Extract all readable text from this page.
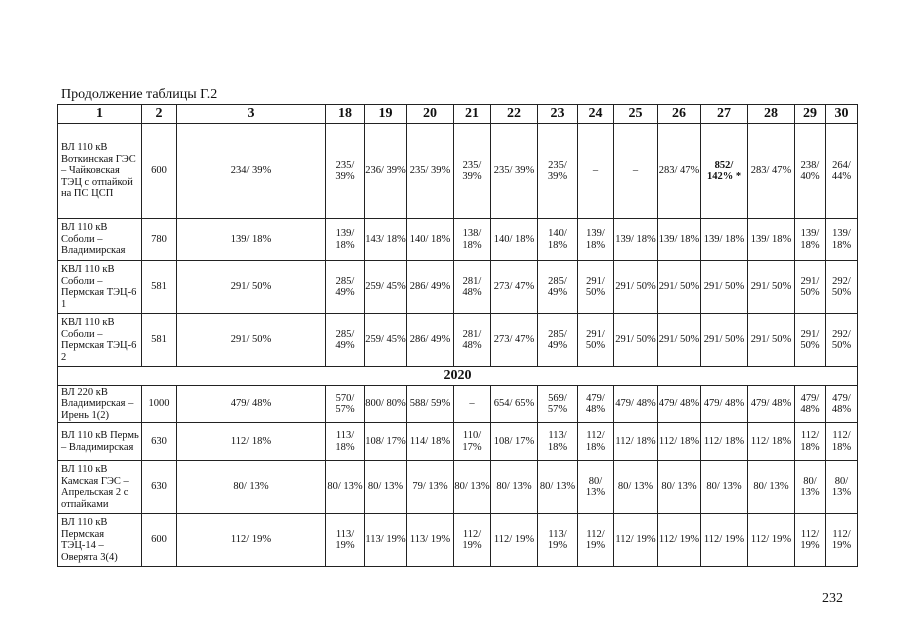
Продолжение таблицы Г.2
1	2	3	18	19	20	21	22	23	24	25	26	27	28	29	30
ВЛ 110 кВ Воткинская ГЭС – Чайковская ТЭЦ с отпайкой на ПС ЦСП	600	234/ 39%	235/ 39%	236/ 39%	235/ 39%	235/ 39%	235/ 39%	235/ 39%	–	–	283/ 47%	852/ 142% *	283/ 47%	238/ 40%	264/ 44%
ВЛ 110 кВ Соболи – Владимирская	780	139/ 18%	139/ 18%	143/ 18%	140/ 18%	138/ 18%	140/ 18%	140/ 18%	139/ 18%	139/ 18%	139/ 18%	139/ 18%	139/ 18%	139/ 18%	139/ 18%
КВЛ 110 кВ Соболи – Пермская ТЭЦ-6 1	581	291/ 50%	285/ 49%	259/ 45%	286/ 49%	281/ 48%	273/ 47%	285/ 49%	291/ 50%	291/ 50%	291/ 50%	291/ 50%	291/ 50%	291/ 50%	292/ 50%
КВЛ 110 кВ Соболи – Пермская ТЭЦ-6 2	581	291/ 50%	285/ 49%	259/ 45%	286/ 49%	281/ 48%	273/ 47%	285/ 49%	291/ 50%	291/ 50%	291/ 50%	291/ 50%	291/ 50%	291/ 50%	292/ 50%
2020															
ВЛ 220 кВ Владимирская – Ирень 1(2)	1000	479/ 48%	570/ 57%	800/ 80%	588/ 59%	–	654/ 65%	569/ 57%	479/ 48%	479/ 48%	479/ 48%	479/ 48%	479/ 48%	479/ 48%	479/ 48%
ВЛ 110 кВ Пермь – Владимирская	630	112/ 18%	113/ 18%	108/ 17%	114/ 18%	110/ 17%	108/ 17%	113/ 18%	112/ 18%	112/ 18%	112/ 18%	112/ 18%	112/ 18%	112/ 18%	112/ 18%
ВЛ 110 кВ Камская ГЭС – Апрельская 2 с отпайками	630	80/ 13%	80/ 13%	80/ 13%	79/ 13%	80/ 13%	80/ 13%	80/ 13%	80/ 13%	80/ 13%	80/ 13%	80/ 13%	80/ 13%	80/ 13%	80/ 13%
ВЛ 110 кВ Пермская ТЭЦ-14 – Оверята 3(4)	600	112/ 19%	113/ 19%	113/ 19%	113/ 19%	112/ 19%	112/ 19%	113/ 19%	112/ 19%	112/ 19%	112/ 19%	112/ 19%	112/ 19%	112/ 19%	112/ 19%
232
